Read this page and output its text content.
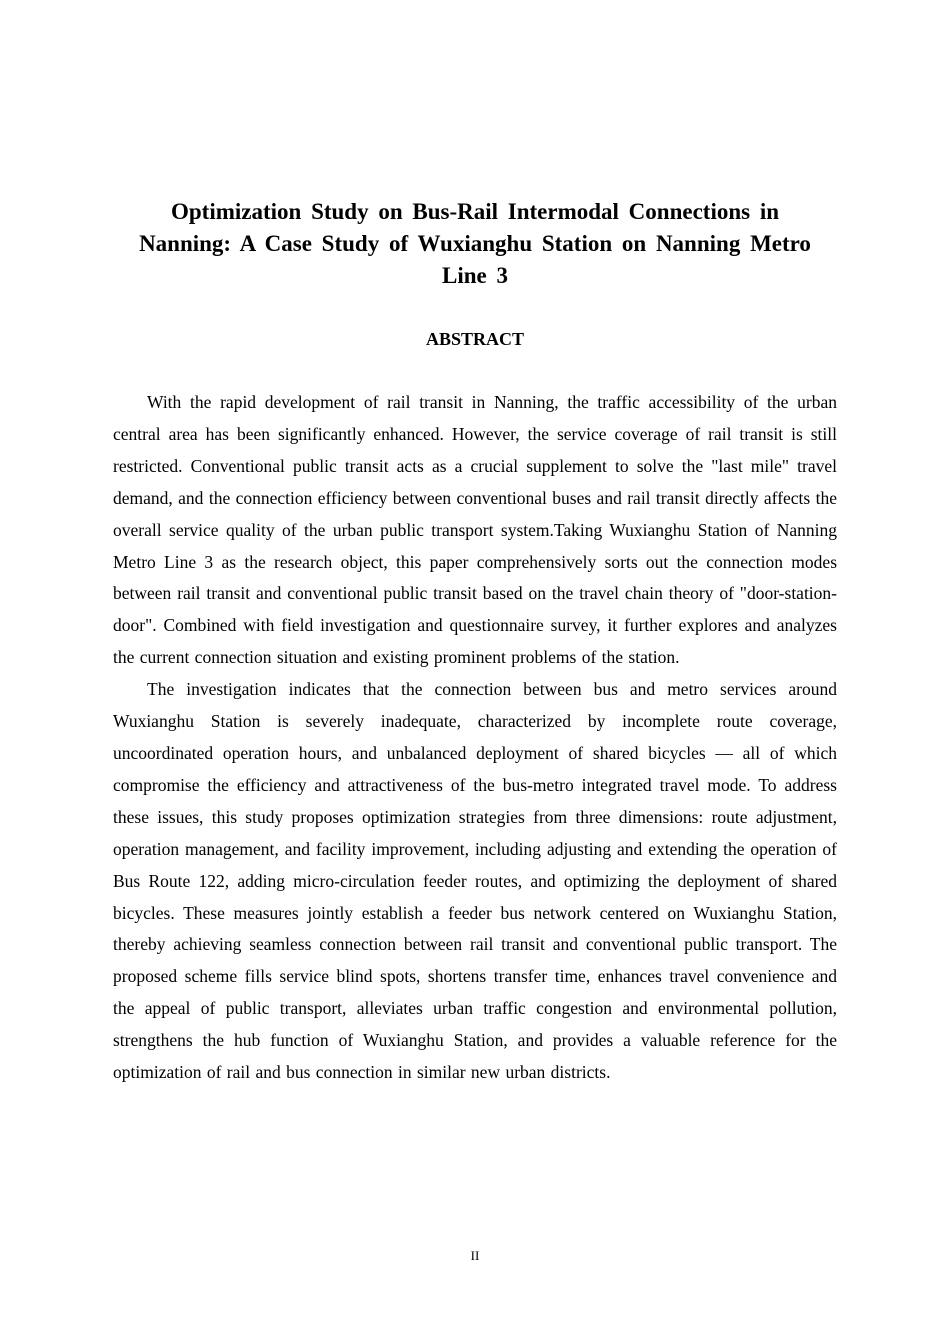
Optimization Study on Bus-Rail Intermodal Connections in Nanning: A Case Study of Wuxianghu Station on Nanning Metro Line 3
ABSTRACT

With the rapid development of rail transit in Nanning, the traffic accessibility of the urban central area has been significantly enhanced. However, the service coverage of rail transit is still restricted. Conventional public transit acts as a crucial supplement to solve the "last mile" travel demand, and the connection efficiency between conventional buses and rail transit directly affects the overall service quality of the urban public transport system.Taking Wuxianghu Station of Nanning Metro Line 3 as the research object, this paper comprehensively sorts out the connection modes between rail transit and conventional public transit based on the travel chain theory of "door-station-door". Combined with field investigation and questionnaire survey, it further explores and analyzes the current connection situation and existing prominent problems of the station.

The investigation indicates that the connection between bus and metro services around Wuxianghu Station is severely inadequate, characterized by incomplete route coverage, uncoordinated operation hours, and unbalanced deployment of shared bicycles — all of which compromise the efficiency and attractiveness of the bus-metro integrated travel mode. To address these issues, this study proposes optimization strategies from three dimensions: route adjustment, operation management, and facility improvement, including adjusting and extending the operation of Bus Route 122, adding micro-circulation feeder routes, and optimizing the deployment of shared bicycles. These measures jointly establish a feeder bus network centered on Wuxianghu Station, thereby achieving seamless connection between rail transit and conventional public transport. The proposed scheme fills service blind spots, shortens transfer time, enhances travel convenience and the appeal of public transport, alleviates urban traffic congestion and environmental pollution, strengthens the hub function of Wuxianghu Station, and provides a valuable reference for the optimization of rail and bus connection in similar new urban districts.

II
